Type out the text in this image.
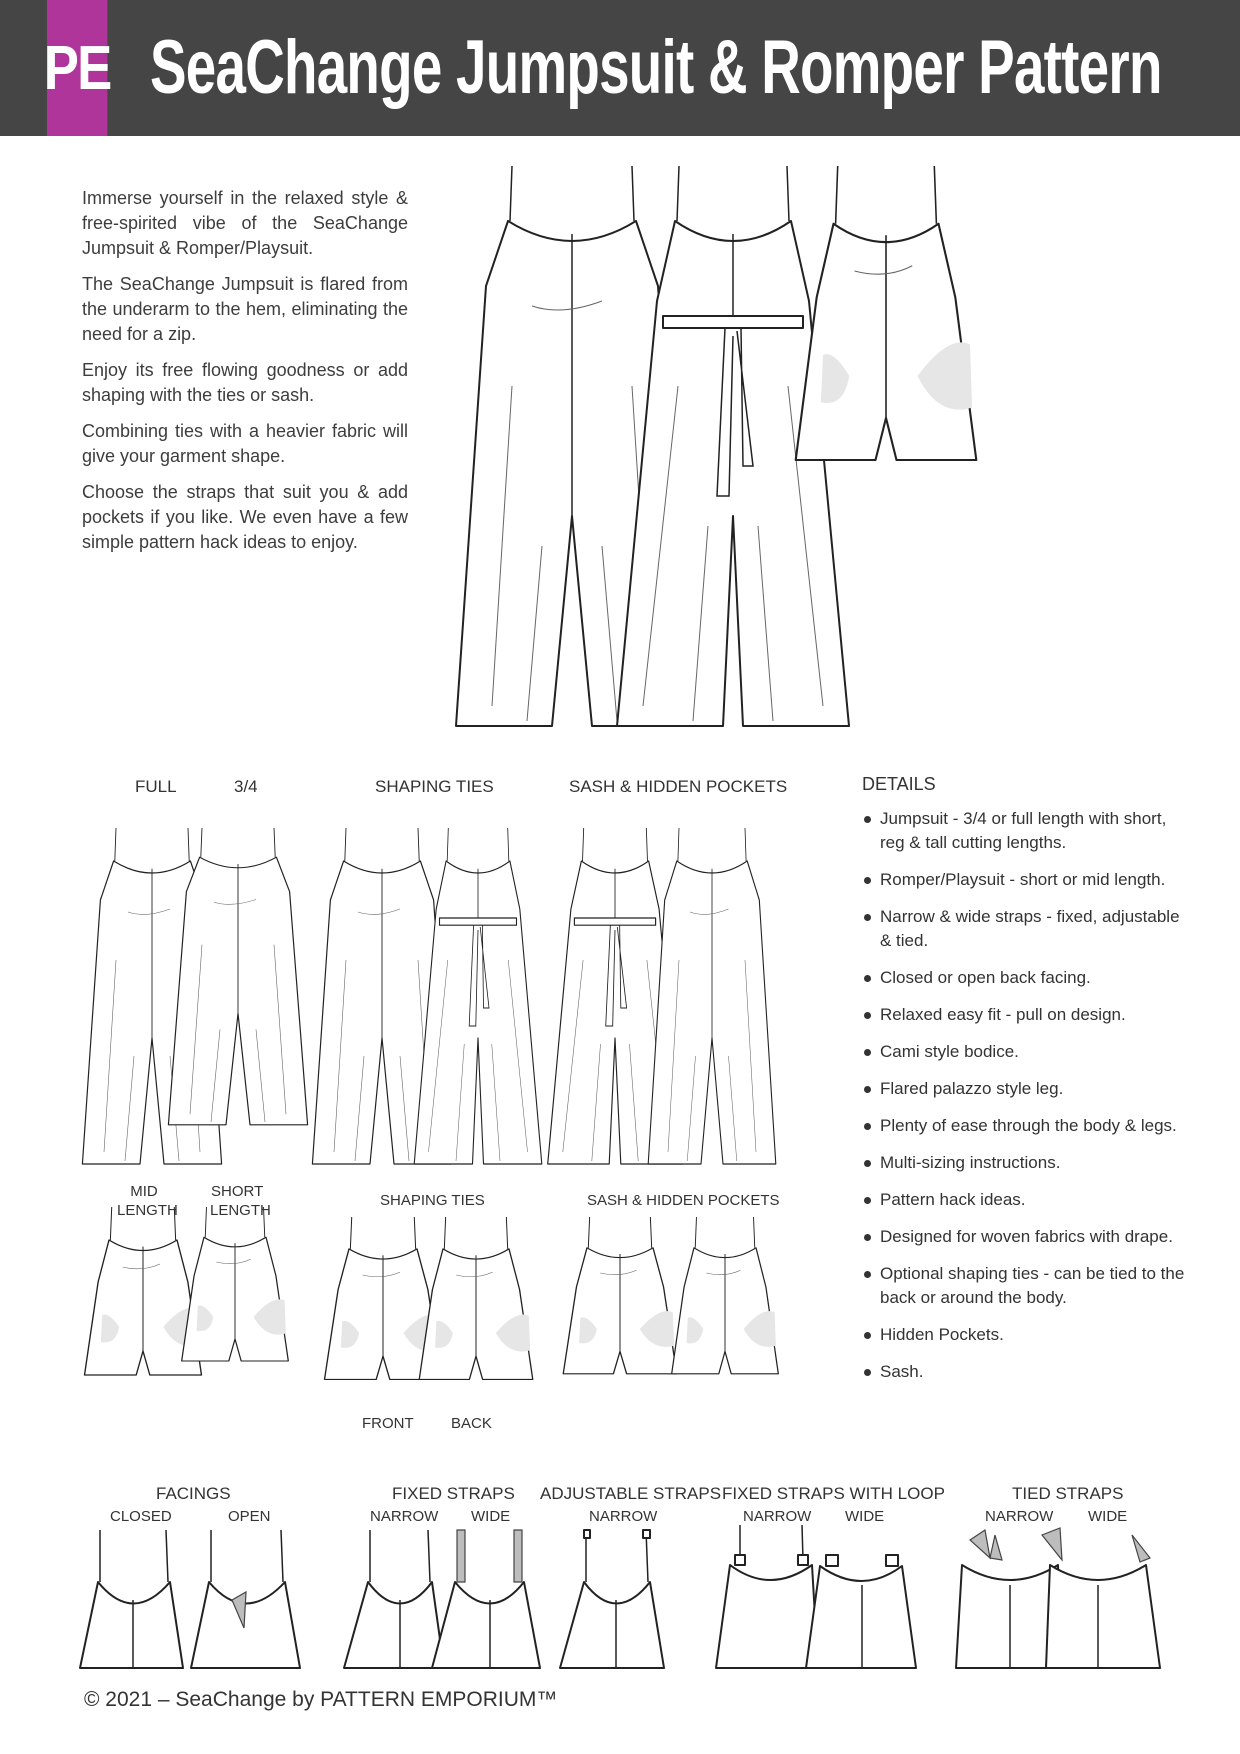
PE SeaChange Jumpsuit & Romper Pattern

Immerse yourself in the relaxed style & free-spirited vibe of the SeaChange Jumpsuit & Romper/Playsuit.

The SeaChange Jumpsuit is flared from the underarm to the hem, eliminating the need for a zip.

Enjoy its free flowing goodness or add shaping with the ties or sash.

Combining ties with a heavier fabric will give your garment shape.

Choose the straps that suit you & add pockets if you like. We even have a few simple pattern hack ideas to enjoy.

FULL	3/4	SHAPING TIES	SASH & HIDDEN POCKETS
MID
LENGTH
SHORT
LENGTH
SHAPING TIES	SASH & HIDDEN POCKETS
FRONT BACK
FACINGS
CLOSED	OPEN
FIXED STRAPS
NARROW WIDE
ADJUSTABLE STRAPS
NARROW
FIXED STRAPS WITH LOOP
NARROW WIDE
TIED STRAPS
NARROW WIDE
DETAILS
Jumpsuit - 3/4 or full length with short, reg & tall cutting lengths.
Romper/Playsuit - short or mid length.
Narrow & wide straps - fixed, adjustable & tied.
Closed or open back facing.
Relaxed easy fit - pull on design.
Cami style bodice.
Flared palazzo style leg.
Plenty of ease through the body & legs.
Multi-sizing instructions.
Pattern hack ideas.
Designed for woven fabrics with drape.
Optional shaping ties - can be tied to the back or around the body.
Hidden Pockets.
Sash.
© 2021 – SeaChange by PATTERN EMPORIUM™
